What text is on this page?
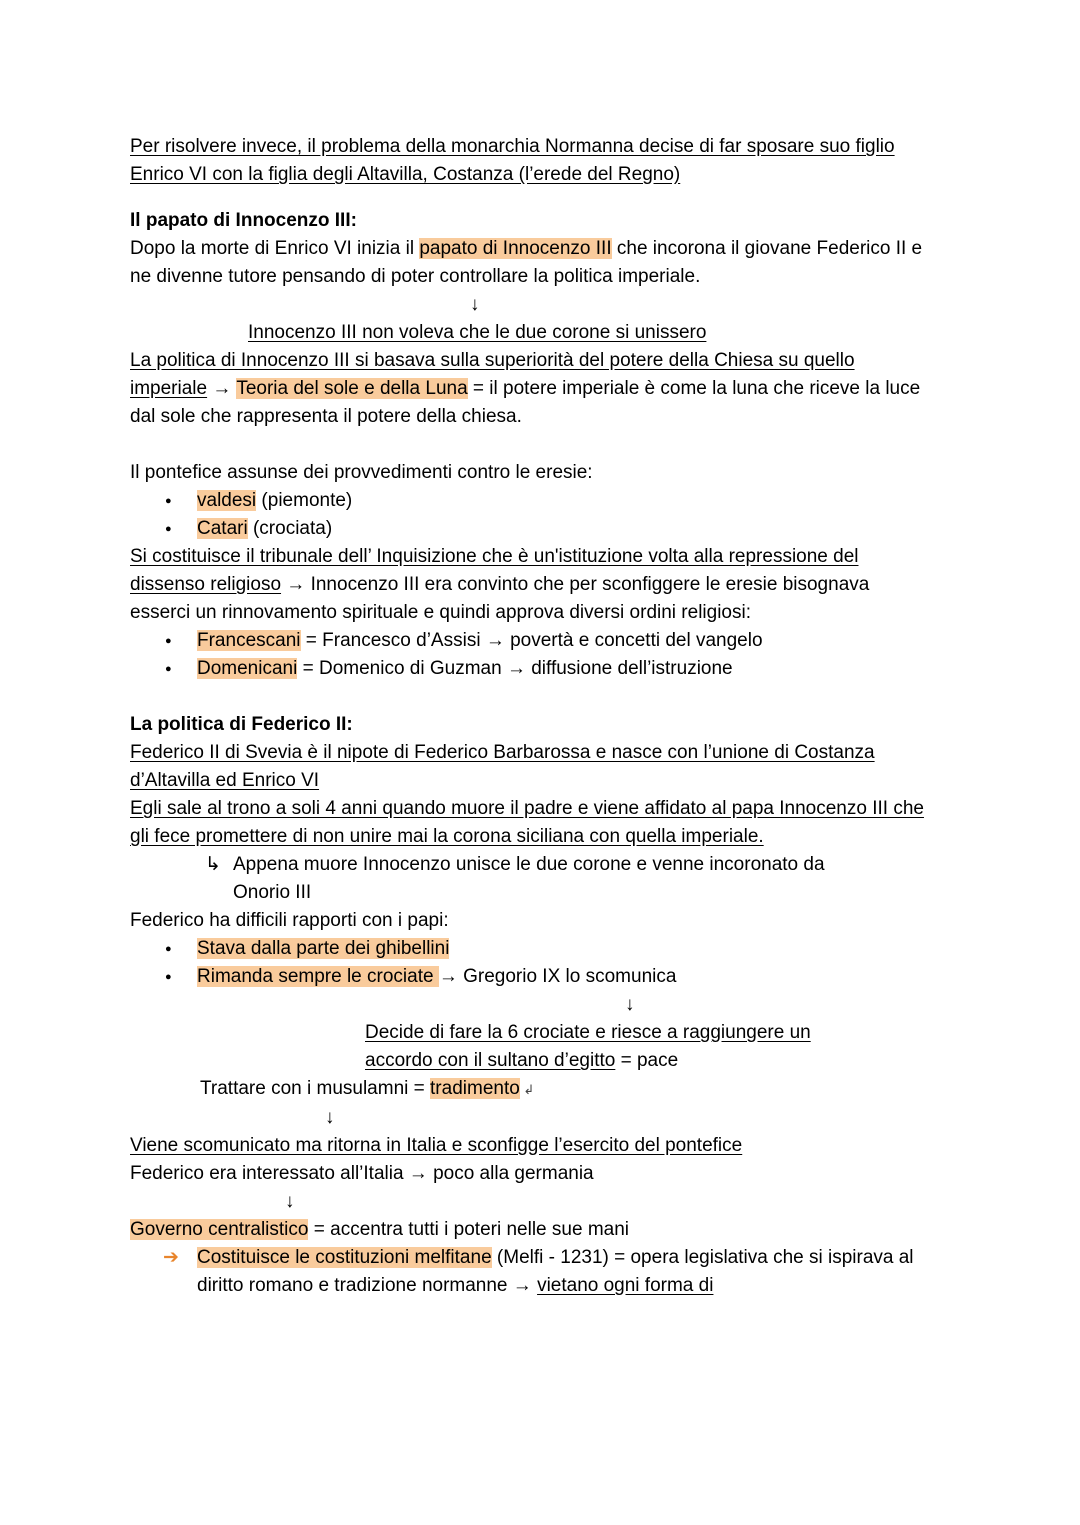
Per risolvere invece, il problema della monarchia Normanna decise di far sposare suo figlio Enrico VI con la figlia degli Altavilla, Costanza (l’erede del Regno)
Il papato di Innocenzo III:
Dopo la morte di Enrico VI inizia il papato di Innocenzo III che incorona il giovane Federico II e ne divenne tutore pensando di poter controllare la politica imperiale.
↓
Innocenzo III non voleva che le due corone si unissero
La politica di Innocenzo III si basava sulla superiorità del potere della Chiesa su quello imperiale → Teoria del sole e della Luna = il potere imperiale è come la luna che riceve la luce dal sole che rappresenta il potere della chiesa.
Il pontefice assunse dei provvedimenti contro le eresie:
●	valdesi (piemonte)
●	Catari (crociata)
Si costituisce il tribunale dell’ Inquisizione che è un'istituzione volta alla repressione del dissenso religioso → Innocenzo III era convinto che per sconfiggere le eresie bisognava esserci un rinnovamento spirituale e quindi approva diversi ordini religiosi:
●	Francescani = Francesco d’Assisi → povertà e concetti del vangelo
●	Domenicani = Domenico di Guzman → diffusione dell’istruzione
La politica di Federico II:
Federico II di Svevia è il nipote di Federico Barbarossa e nasce con l’unione di Costanza d’Altavilla ed Enrico VI
Egli sale al trono a soli 4 anni quando muore il padre e viene affidato al papa Innocenzo III che gli fece promettere di non unire mai la corona siciliana con quella imperiale.
↳ Appena muore Innocenzo unisce le due corone e venne incoronato da
Onorio III
Federico ha difficili rapporti con i papi:
●	Stava dalla parte dei ghibellini
●	Rimanda sempre le crociate → Gregorio IX lo scomunica
↓
Decide di fare la 6 crociate e riesce a raggiungere un
accordo con il sultano d’egitto = pace
Trattare con i musulamni = tradimento ↲
↓
Viene scomunicato ma ritorna in Italia e sconfigge l’esercito del pontefice
Federico era interessato all’Italia → poco alla germania
↓
Governo centralistico = accentra tutti i poteri nelle sue mani
➔ Costituisce le costituzioni melfitane (Melfi - 1231) = opera legislativa che si ispirava al diritto romano e tradizione normanne → vietano ogni forma di
